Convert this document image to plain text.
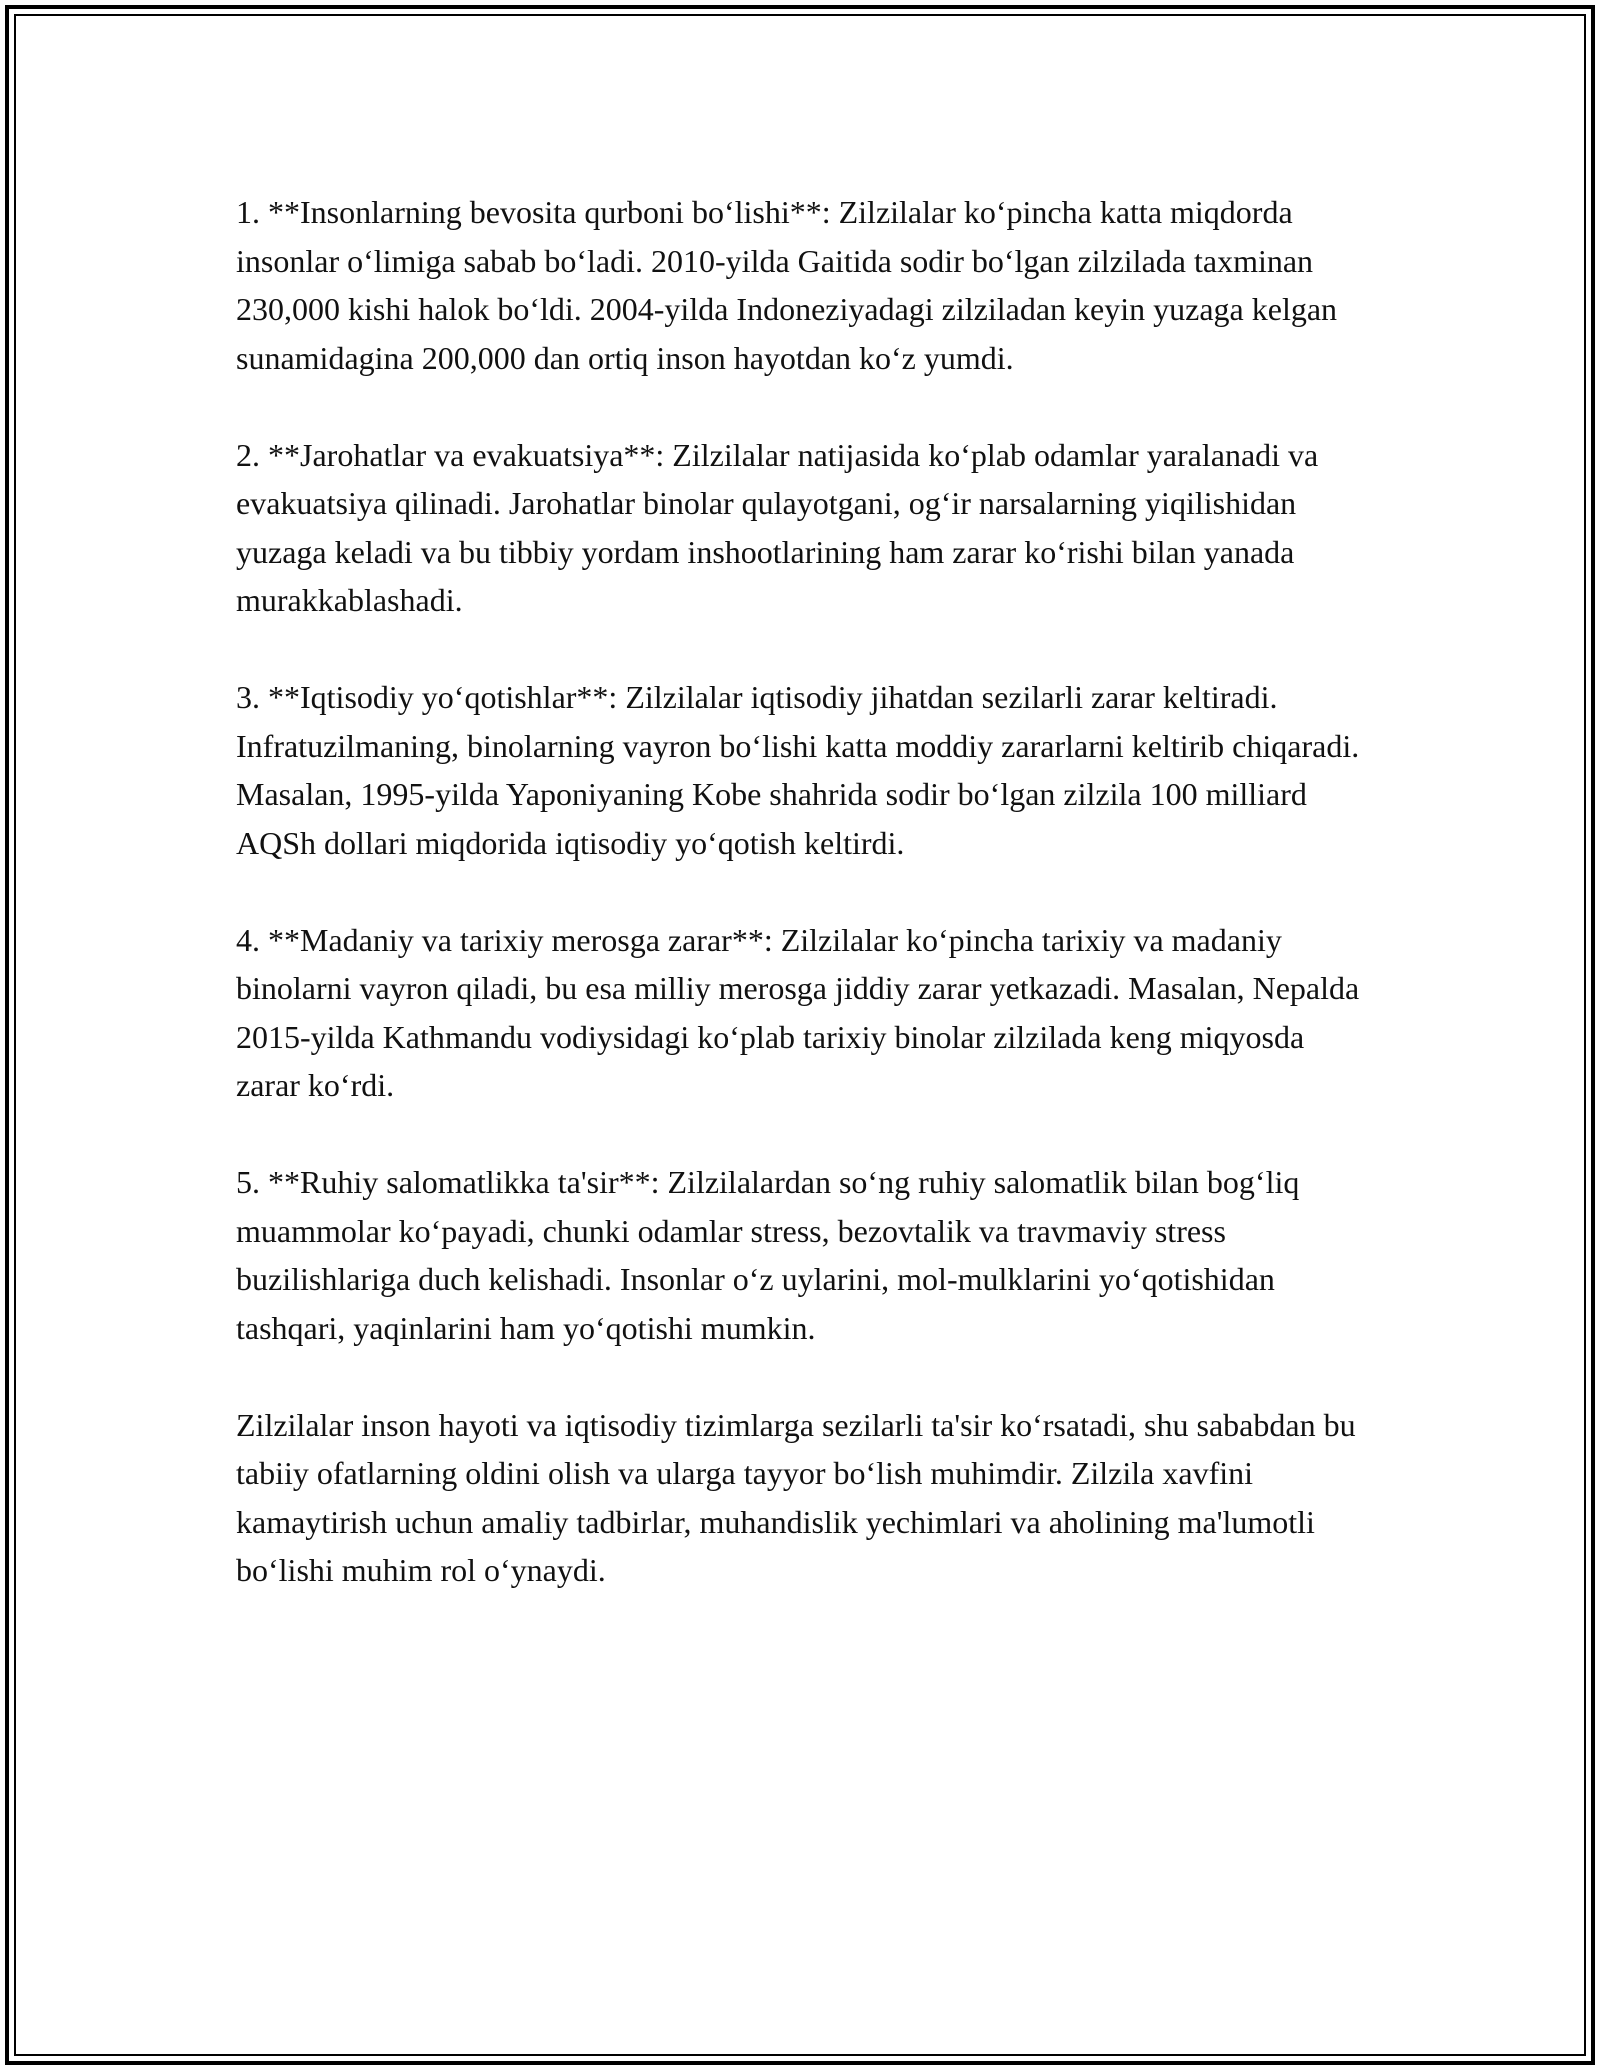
1. **Insonlarning bevosita qurboni bo‘lishi**: Zilzilalar ko‘pincha katta miqdorda insonlar o‘limiga sabab bo‘ladi. 2010-yilda Gaitida sodir bo‘lgan zilzilada taxminan 230,000 kishi halok bo‘ldi. 2004-yilda Indoneziyadagi zilziladan keyin yuzaga kelgan sunamidagina 200,000 dan ortiq inson hayotdan ko‘z yumdi.

2. **Jarohatlar va evakuatsiya**: Zilzilalar natijasida ko‘plab odamlar yaralanadi va evakuatsiya qilinadi. Jarohatlar binolar qulayotgani, og‘ir narsalarning yiqilishidan yuzaga keladi va bu tibbiy yordam inshootlarining ham zarar ko‘rishi bilan yanada murakkablashadi.

3. **Iqtisodiy yo‘qotishlar**: Zilzilalar iqtisodiy jihatdan sezilarli zarar keltiradi. Infratuzilmaning, binolarning vayron bo‘lishi katta moddiy zararlarni keltirib chiqaradi. Masalan, 1995-yilda Yaponiyaning Kobe shahrida sodir bo‘lgan zilzila 100 milliard AQSh dollari miqdorida iqtisodiy yo‘qotish keltirdi.

4. **Madaniy va tarixiy merosga zarar**: Zilzilalar ko‘pincha tarixiy va madaniy binolarni vayron qiladi, bu esa milliy merosga jiddiy zarar yetkazadi. Masalan, Nepalda 2015-yilda Kathmandu vodiysidagi ko‘plab tarixiy binolar zilzilada keng miqyosda zarar ko‘rdi.

5. **Ruhiy salomatlikka ta'sir**: Zilzilalardan so‘ng ruhiy salomatlik bilan bog‘liq muammolar ko‘payadi, chunki odamlar stress, bezovtalik va travmaviy stress buzilishlariga duch kelishadi. Insonlar o‘z uylarini, mol-mulklarini yo‘qotishidan tashqari, yaqinlarini ham yo‘qotishi mumkin.

Zilzilalar inson hayoti va iqtisodiy tizimlarga sezilarli ta'sir ko‘rsatadi, shu sababdan bu tabiiy ofatlarning oldini olish va ularga tayyor bo‘lish muhimdir. Zilzila xavfini kamaytirish uchun amaliy tadbirlar, muhandislik yechimlari va aholining ma'lumotli bo‘lishi muhim rol o‘ynaydi.
